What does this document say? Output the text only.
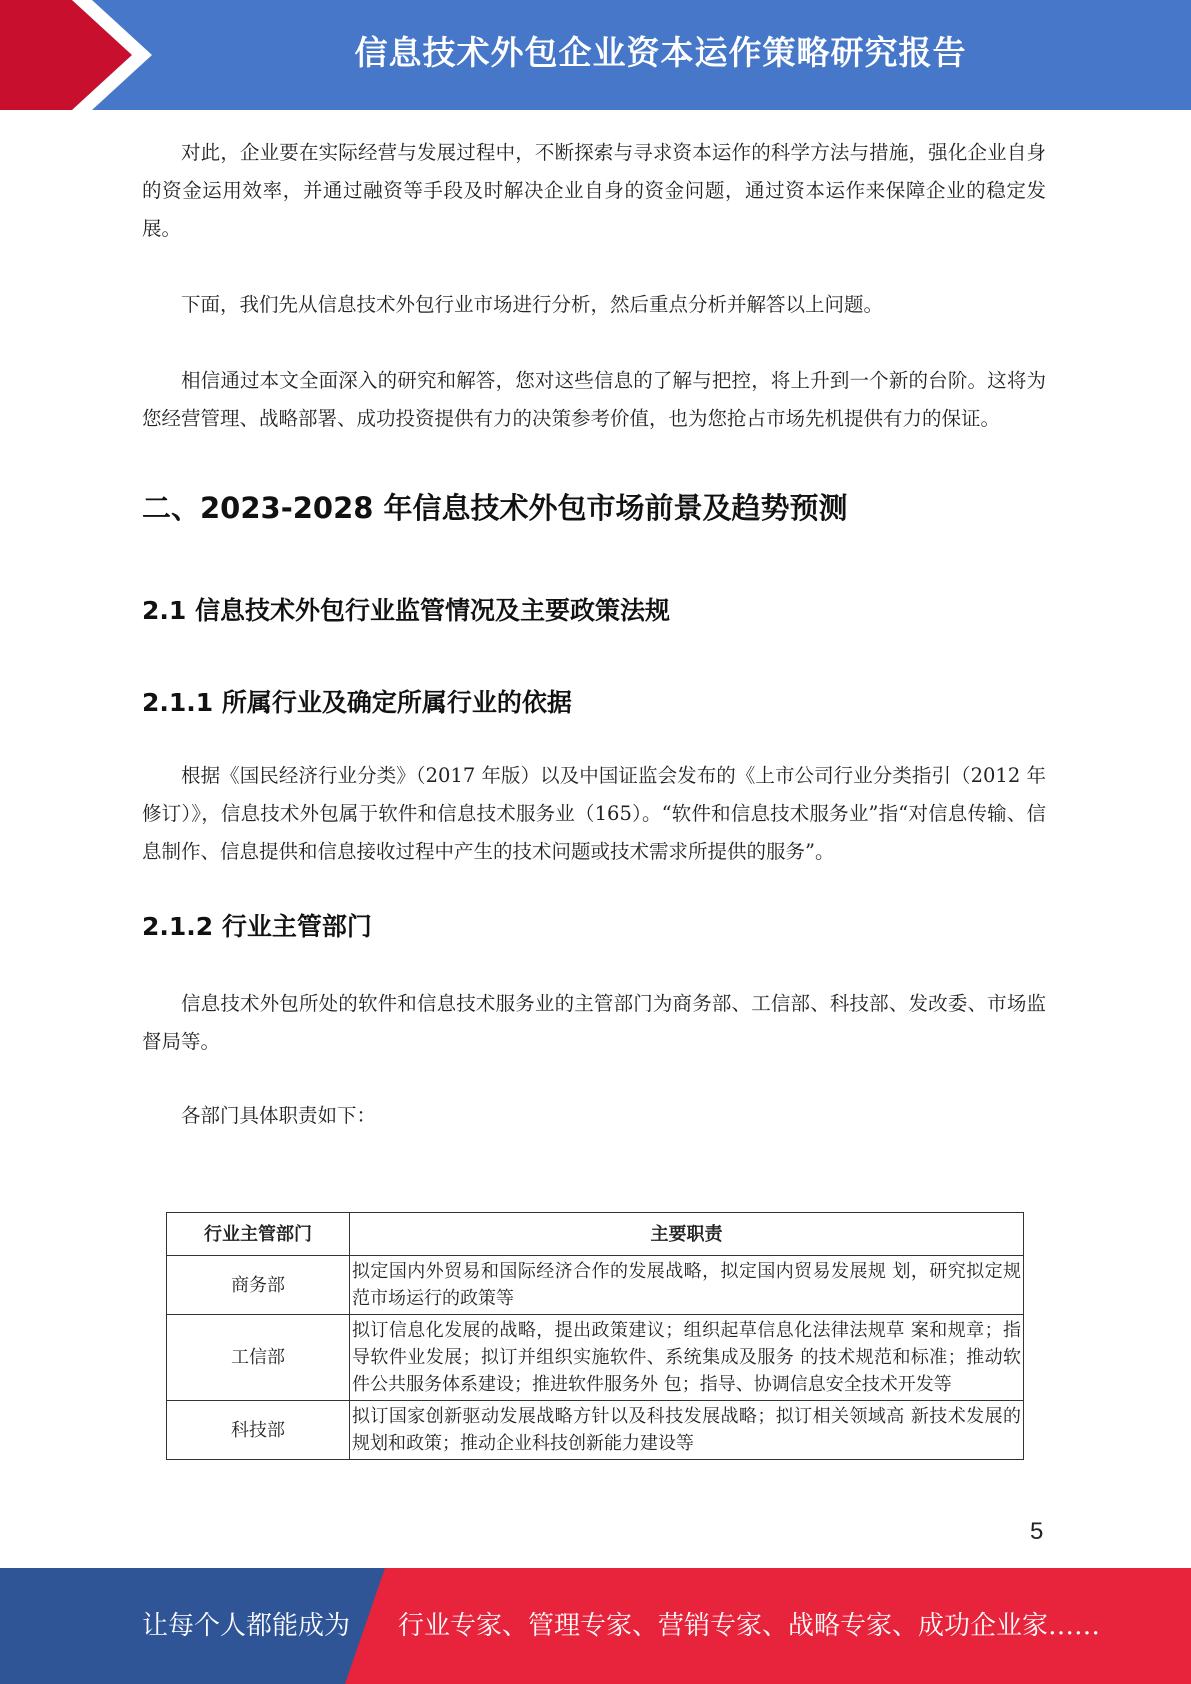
信息技术外包企业资本运作策略研究报告

对此，企业要在实际经营与发展过程中，不断探索与寻求资本运作的科学方法与措施，强化企业自身的资金运用效率，并通过融资等手段及时解决企业自身的资金问题，通过资本运作来保障企业的稳定发展。

下面，我们先从信息技术外包行业市场进行分析，然后重点分析并解答以上问题。

相信通过本文全面深入的研究和解答，您对这些信息的了解与把控，将上升到一个新的台阶。这将为您经营管理、战略部署、成功投资提供有力的决策参考价值，也为您抢占市场先机提供有力的保证。

二、2023-2028 年信息技术外包市场前景及趋势预测
2.1 信息技术外包行业监管情况及主要政策法规
2.1.1 所属行业及确定所属行业的依据

根据《国民经济行业分类》（2017 年版）以及中国证监会发布的《上市公司行业分类指引（2012 年修订）》，信息技术外包属于软件和信息技术服务业（165）。“软件和信息技术服务业”指“对信息传输、信息制作、信息提供和信息接收过程中产生的技术问题或技术需求所提供的服务”。

2.1.2 行业主管部门

信息技术外包所处的软件和信息技术服务业的主管部门为商务部、工信部、科技部、发改委、市场监督局等。

各部门具体职责如下：

行业主管部门	主要职责
商务部	拟定国内外贸易和国际经济合作的发展战略，拟定国内贸易发展规 划，研究拟定规范市场运行的政策等
工信部	拟订信息化发展的战略，提出政策建议；组织起草信息化法律法规草 案和规章；指导软件业发展；拟订并组织实施软件、系统集成及服务 的技术规范和标准；推动软件公共服务体系建设；推进软件服务外 包；指导、协调信息安全技术开发等
科技部	拟订国家创新驱动发展战略方针以及科技发展战略；拟订相关领域高 新技术发展的规划和政策；推动企业科技创新能力建设等
5
让每个人都能成为 行业专家、管理专家、营销专家、战略专家、成功企业家……
